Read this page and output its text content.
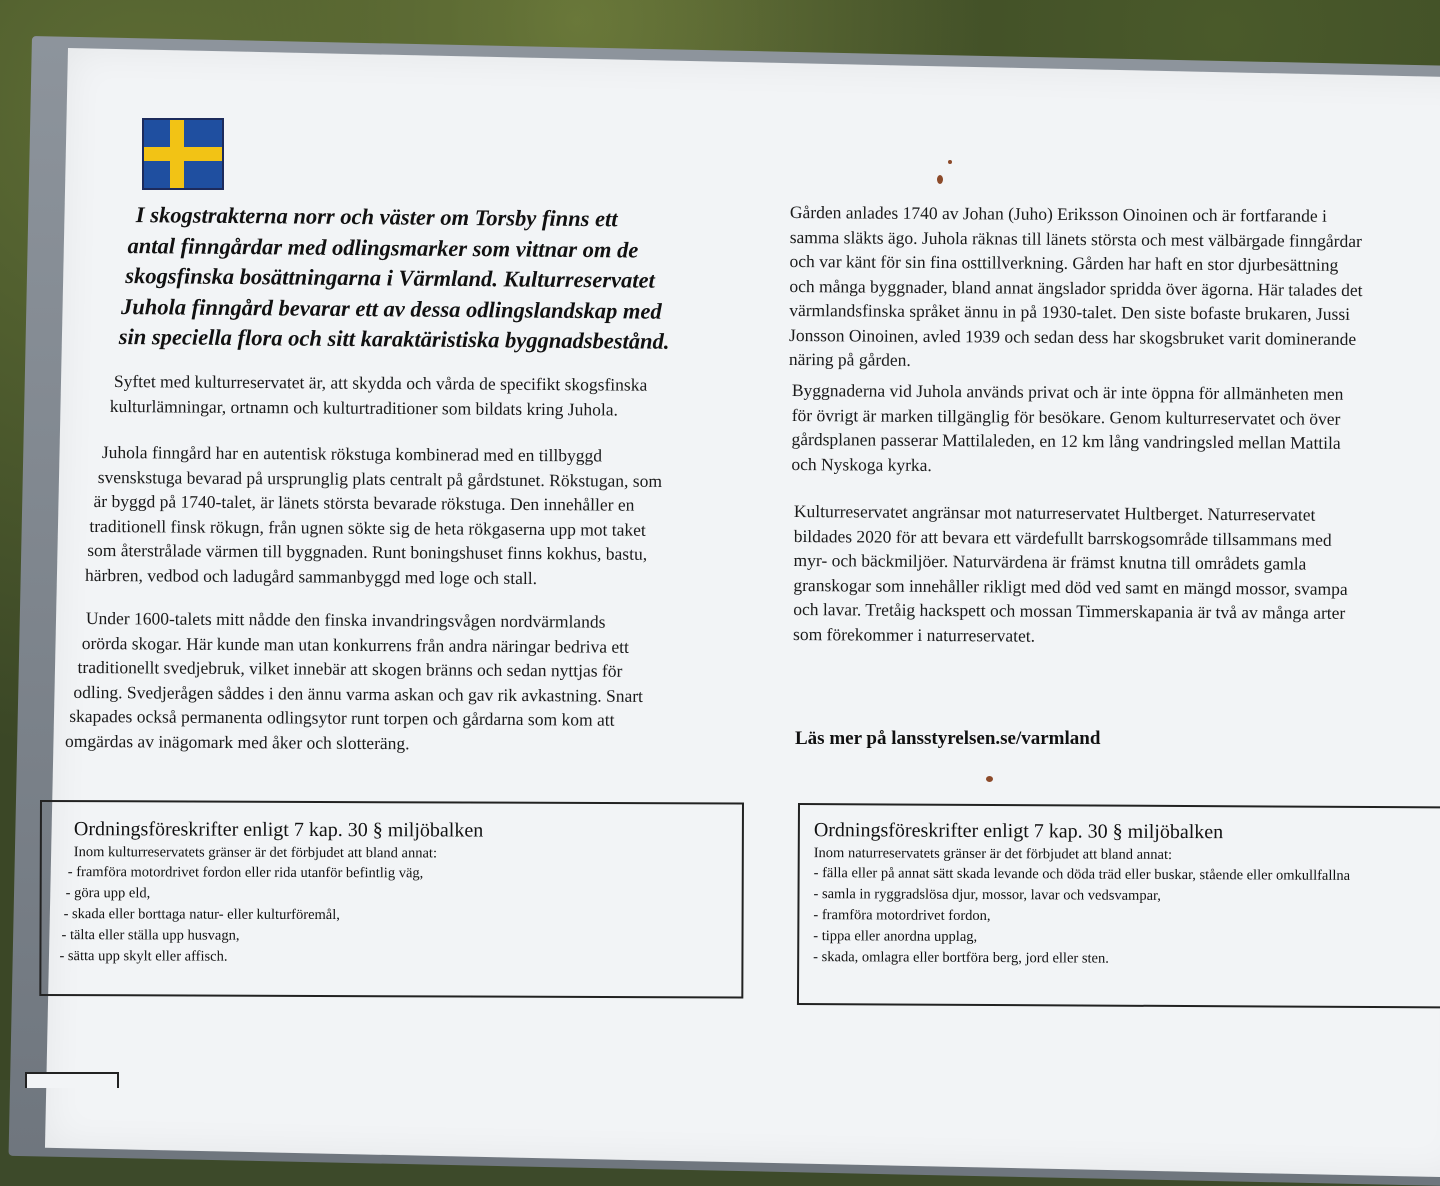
I skogstrakterna norr och väster om Torsby finns ett
antal finngårdar med odlingsmarker som vittnar om de
skogsfinska bosättningarna i Värmland. Kulturreservatet
Juhola finngård bevarar ett av dessa odlingslandskap med
sin speciella flora och sitt karaktäristiska byggnadsbestånd.
Syftet med kulturreservatet är, att skydda och vårda de specifikt skogsfinska
kulturlämningar, ortnamn och kulturtraditioner som bildats kring Juhola.
Juhola finngård har en autentisk rökstuga kombinerad med en tillbyggd
svenskstuga bevarad på ursprunglig plats centralt på gårdstunet. Rökstugan, som
är byggd på 1740-talet, är länets största bevarade rökstuga. Den innehåller en
traditionell finsk rökugn, från ugnen sökte sig de heta rökgaserna upp mot taket
som återstrålade värmen till byggnaden. Runt boningshuset finns kokhus, bastu,
härbren, vedbod och ladugård sammanbyggd med loge och stall.
Under 1600-talets mitt nådde den finska invandringsvågen nordvärmlands
orörda skogar. Här kunde man utan konkurrens från andra näringar bedriva ett
traditionellt svedjebruk, vilket innebär att skogen bränns och sedan nyttjas för
odling. Svedjerågen såddes i den ännu varma askan och gav rik avkastning. Snart
skapades också permanenta odlingsytor runt torpen och gårdarna som kom att
omgärdas av inägomark med åker och slotteräng.
Gården anlades 1740 av Johan (Juho) Eriksson Oinoinen och är fortfarande i
samma släkts ägo. Juhola räknas till länets största och mest välbärgade finngårdar
och var känt för sin fina osttillverkning. Gården har haft en stor djurbesättning
och många byggnader, bland annat ängslador spridda över ägorna. Här talades det
värmlandsfinska språket ännu in på 1930-talet. Den siste bofaste brukaren, Jussi
Jonsson Oinoinen, avled 1939 och sedan dess har skogsbruket varit dominerande
näring på gården.
Byggnaderna vid Juhola används privat och är inte öppna för allmänheten men
för övrigt är marken tillgänglig för besökare. Genom kulturreservatet och över
gårdsplanen passerar Mattilaleden, en 12 km lång vandringsled mellan Mattila
och Nyskoga kyrka.
Kulturreservatet angränsar mot naturreservatet Hultberget. Naturreservatet
bildades 2020 för att bevara ett värdefullt barrskogsområde tillsammans med
myr- och bäckmiljöer. Naturvärdena är främst knutna till områdets gamla
granskogar som innehåller rikligt med död ved samt en mängd mossor, svampa
och lavar. Tretåig hackspett och mossan Timmerskapania är två av många arter
som förekommer i naturreservatet.
Läs mer på lansstyrelsen.se/varmland
Ordningsföreskrifter enligt 7 kap. 30 § miljöbalken
Inom kulturreservatets gränser är det förbjudet att bland annat:
- framföra motordrivet fordon eller rida utanför befintlig väg,
- göra upp eld,
- skada eller borttaga natur- eller kulturföremål,
- tälta eller ställa upp husvagn,
- sätta upp skylt eller affisch.
Ordningsföreskrifter enligt 7 kap. 30 § miljöbalken
Inom naturreservatets gränser är det förbjudet att bland annat:
- fälla eller på annat sätt skada levande och döda träd eller buskar, stående eller omkullfallna
- samla in ryggradslösa djur, mossor, lavar och vedsvampar,
- framföra motordrivet fordon,
- tippa eller anordna upplag,
- skada, omlagra eller bortföra berg, jord eller sten.
